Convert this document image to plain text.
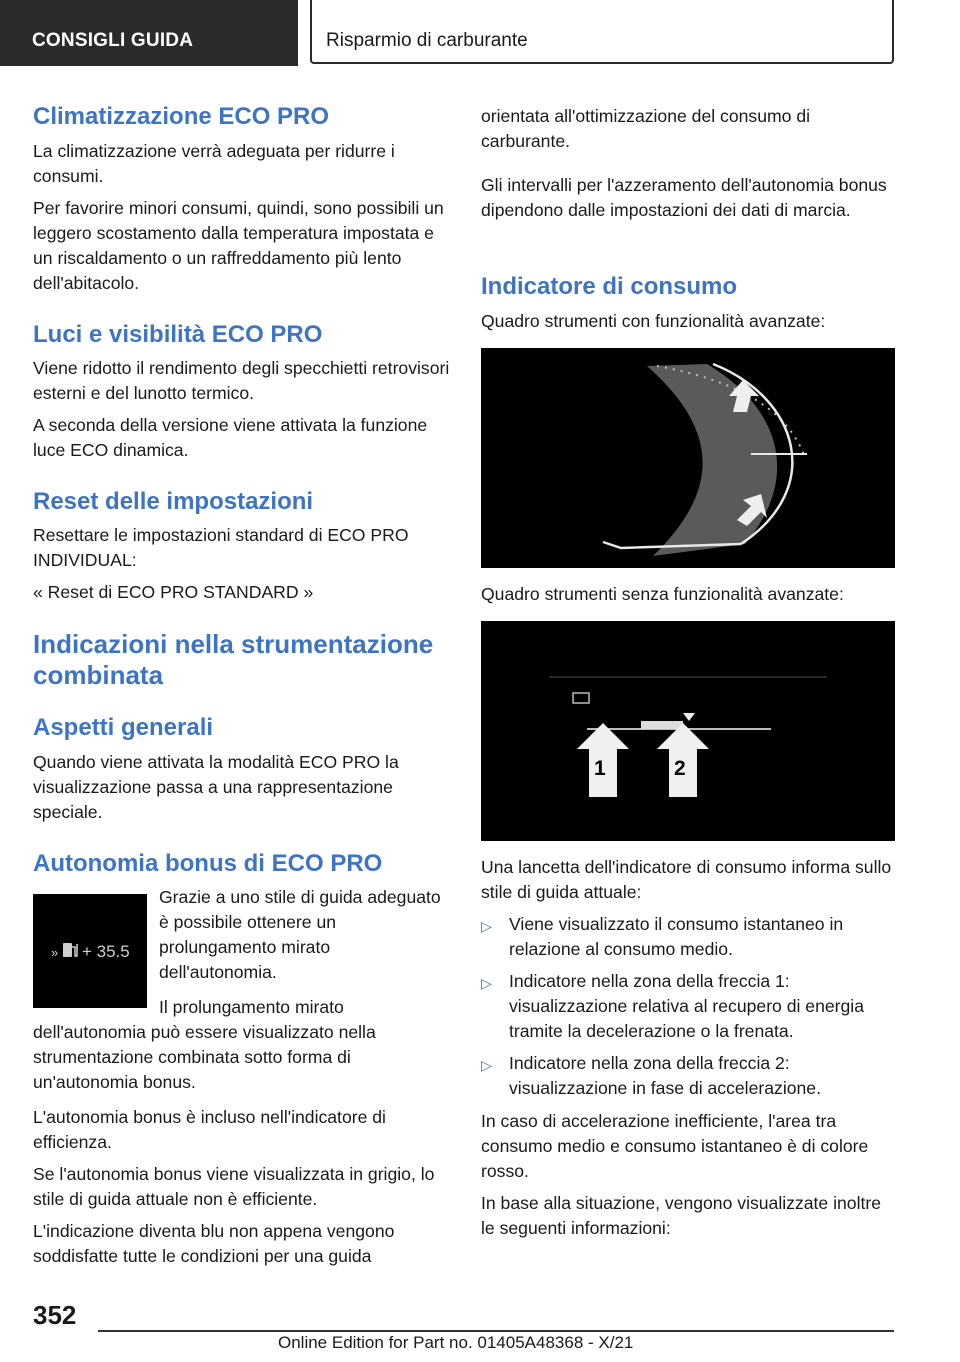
CONSIGLI GUIDA	Risparmio di carburante
Climatizzazione ECO PRO
La climatizzazione verrà adeguata per ridurre i consumi.
Per favorire minori consumi, quindi, sono possibili un leggero scostamento dalla temperatura impostata e un riscaldamento o un raffreddamento più lento dell'abitacolo.
Luci e visibilità ECO PRO
Viene ridotto il rendimento degli specchietti retrovisori esterni e del lunotto termico.
A seconda della versione viene attivata la funzione luce ECO dinamica.
Reset delle impostazioni
Resettare le impostazioni standard di ECO PRO INDIVIDUAL:
« Reset di ECO PRO STANDARD »
Indicazioni nella strumentazione combinata
Aspetti generali
Quando viene attivata la modalità ECO PRO la visualizzazione passa a una rappresentazione speciale.
Autonomia bonus di ECO PRO
» + 35.5
Grazie a uno stile di guida adeguato è possibile ottenere un prolungamento mirato dell'autonomia.
Il prolungamento mirato dell'autonomia può essere visualizzato nella strumentazione combinata sotto forma di un'autonomia bonus.
L'autonomia bonus è incluso nell'indicatore di efficienza.
Se l'autonomia bonus viene visualizzata in grigio, lo stile di guida attuale non è efficiente.
L'indicazione diventa blu non appena vengono soddisfatte tutte le condizioni per una guida
orientata all'ottimizzazione del consumo di carburante.
Gli intervalli per l'azzeramento dell'autonomia bonus dipendono dalle impostazioni dei dati di marcia.
Indicatore di consumo
Quadro strumenti con funzionalità avanzate:
Quadro strumenti senza funzionalità avanzate:
1	2
Una lancetta dell'indicatore di consumo informa sullo stile di guida attuale:
▷ Viene visualizzato il consumo istantaneo in relazione al consumo medio.
▷ Indicatore nella zona della freccia 1: visualizzazione relativa al recupero di energia tramite la decelerazione o la frenata.
▷ Indicatore nella zona della freccia 2: visualizzazione in fase di accelerazione.
In caso di accelerazione inefficiente, l'area tra consumo medio e consumo istantaneo è di colore rosso.
In base alla situazione, vengono visualizzate inoltre le seguenti informazioni:
352
Online Edition for Part no. 01405A48368 - X/21
